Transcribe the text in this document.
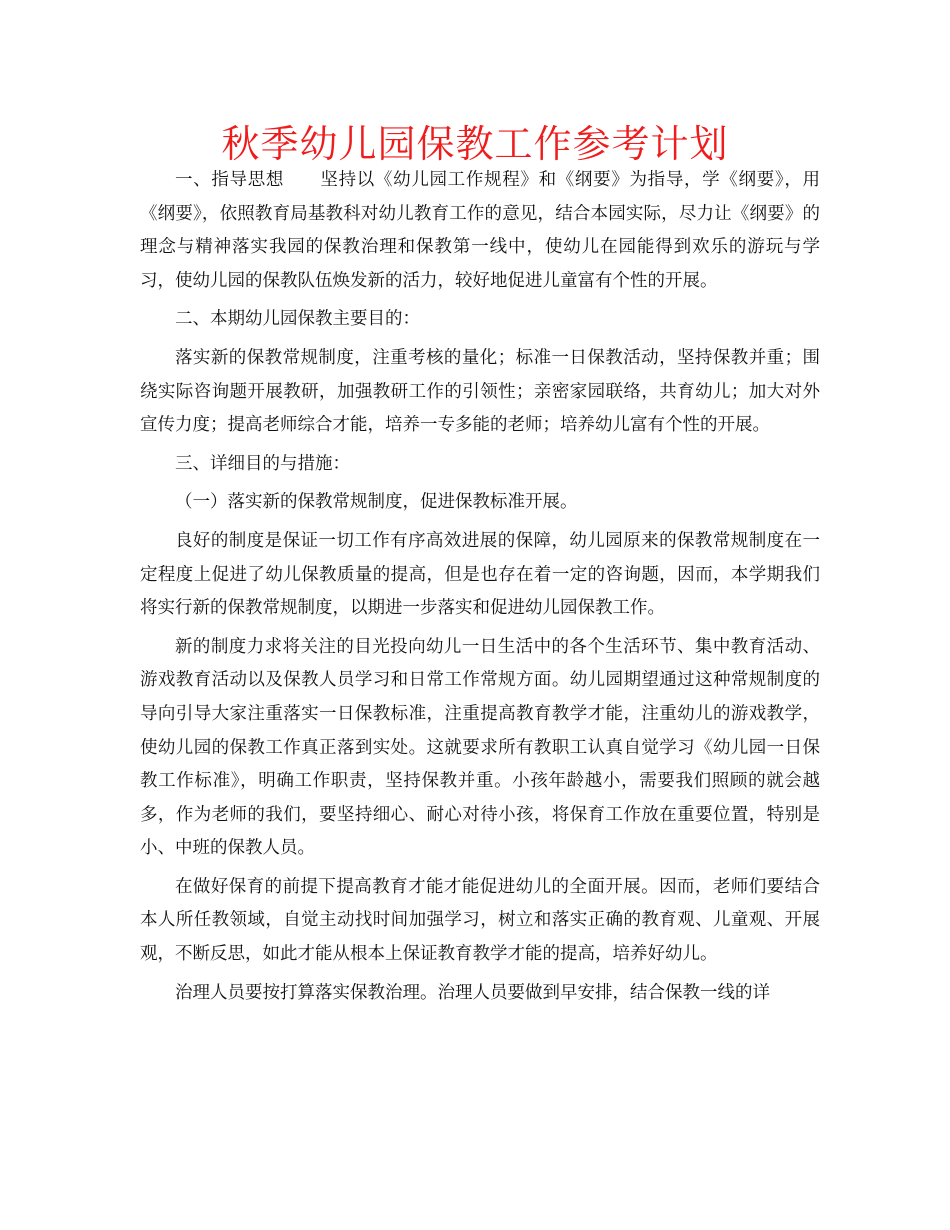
秋季幼儿园保教工作参考计划

一、指导思想　　坚持以《幼儿园工作规程》和《纲要》为指导，学《纲要》，用《纲要》，依照教育局基教科对幼儿教育工作的意见，结合本园实际，尽力让《纲要》的理念与精神落实我园的保教治理和保教第一线中，使幼儿在园能得到欢乐的游玩与学习，使幼儿园的保教队伍焕发新的活力，较好地促进儿童富有个性的开展。

二、本期幼儿园保教主要目的：

落实新的保教常规制度，注重考核的量化；标准一日保教活动，坚持保教并重；围绕实际咨询题开展教研，加强教研工作的引领性；亲密家园联络，共育幼儿；加大对外宣传力度；提高老师综合才能，培养一专多能的老师；培养幼儿富有个性的开展。

三、详细目的与措施：

（一）落实新的保教常规制度，促进保教标准开展。

良好的制度是保证一切工作有序高效进展的保障，幼儿园原来的保教常规制度在一定程度上促进了幼儿保教质量的提高，但是也存在着一定的咨询题，因而，本学期我们将实行新的保教常规制度，以期进一步落实和促进幼儿园保教工作。

新的制度力求将关注的目光投向幼儿一日生活中的各个生活环节、集中教育活动、游戏教育活动以及保教人员学习和日常工作常规方面。幼儿园期望通过这种常规制度的导向引导大家注重落实一日保教标准，注重提高教育教学才能，注重幼儿的游戏教学，使幼儿园的保教工作真正落到实处。这就要求所有教职工认真自觉学习《幼儿园一日保教工作标准》，明确工作职责，坚持保教并重。小孩年龄越小，需要我们照顾的就会越多，作为老师的我们，要坚持细心、耐心对待小孩，将保育工作放在重要位置，特别是小、中班的保教人员。

在做好保育的前提下提高教育才能才能促进幼儿的全面开展。因而，老师们要结合本人所任教领域，自觉主动找时间加强学习，树立和落实正确的教育观、儿童观、开展观，不断反思，如此才能从根本上保证教育教学才能的提高，培养好幼儿。

治理人员要按打算落实保教治理。治理人员要做到早安排，结合保教一线的详
